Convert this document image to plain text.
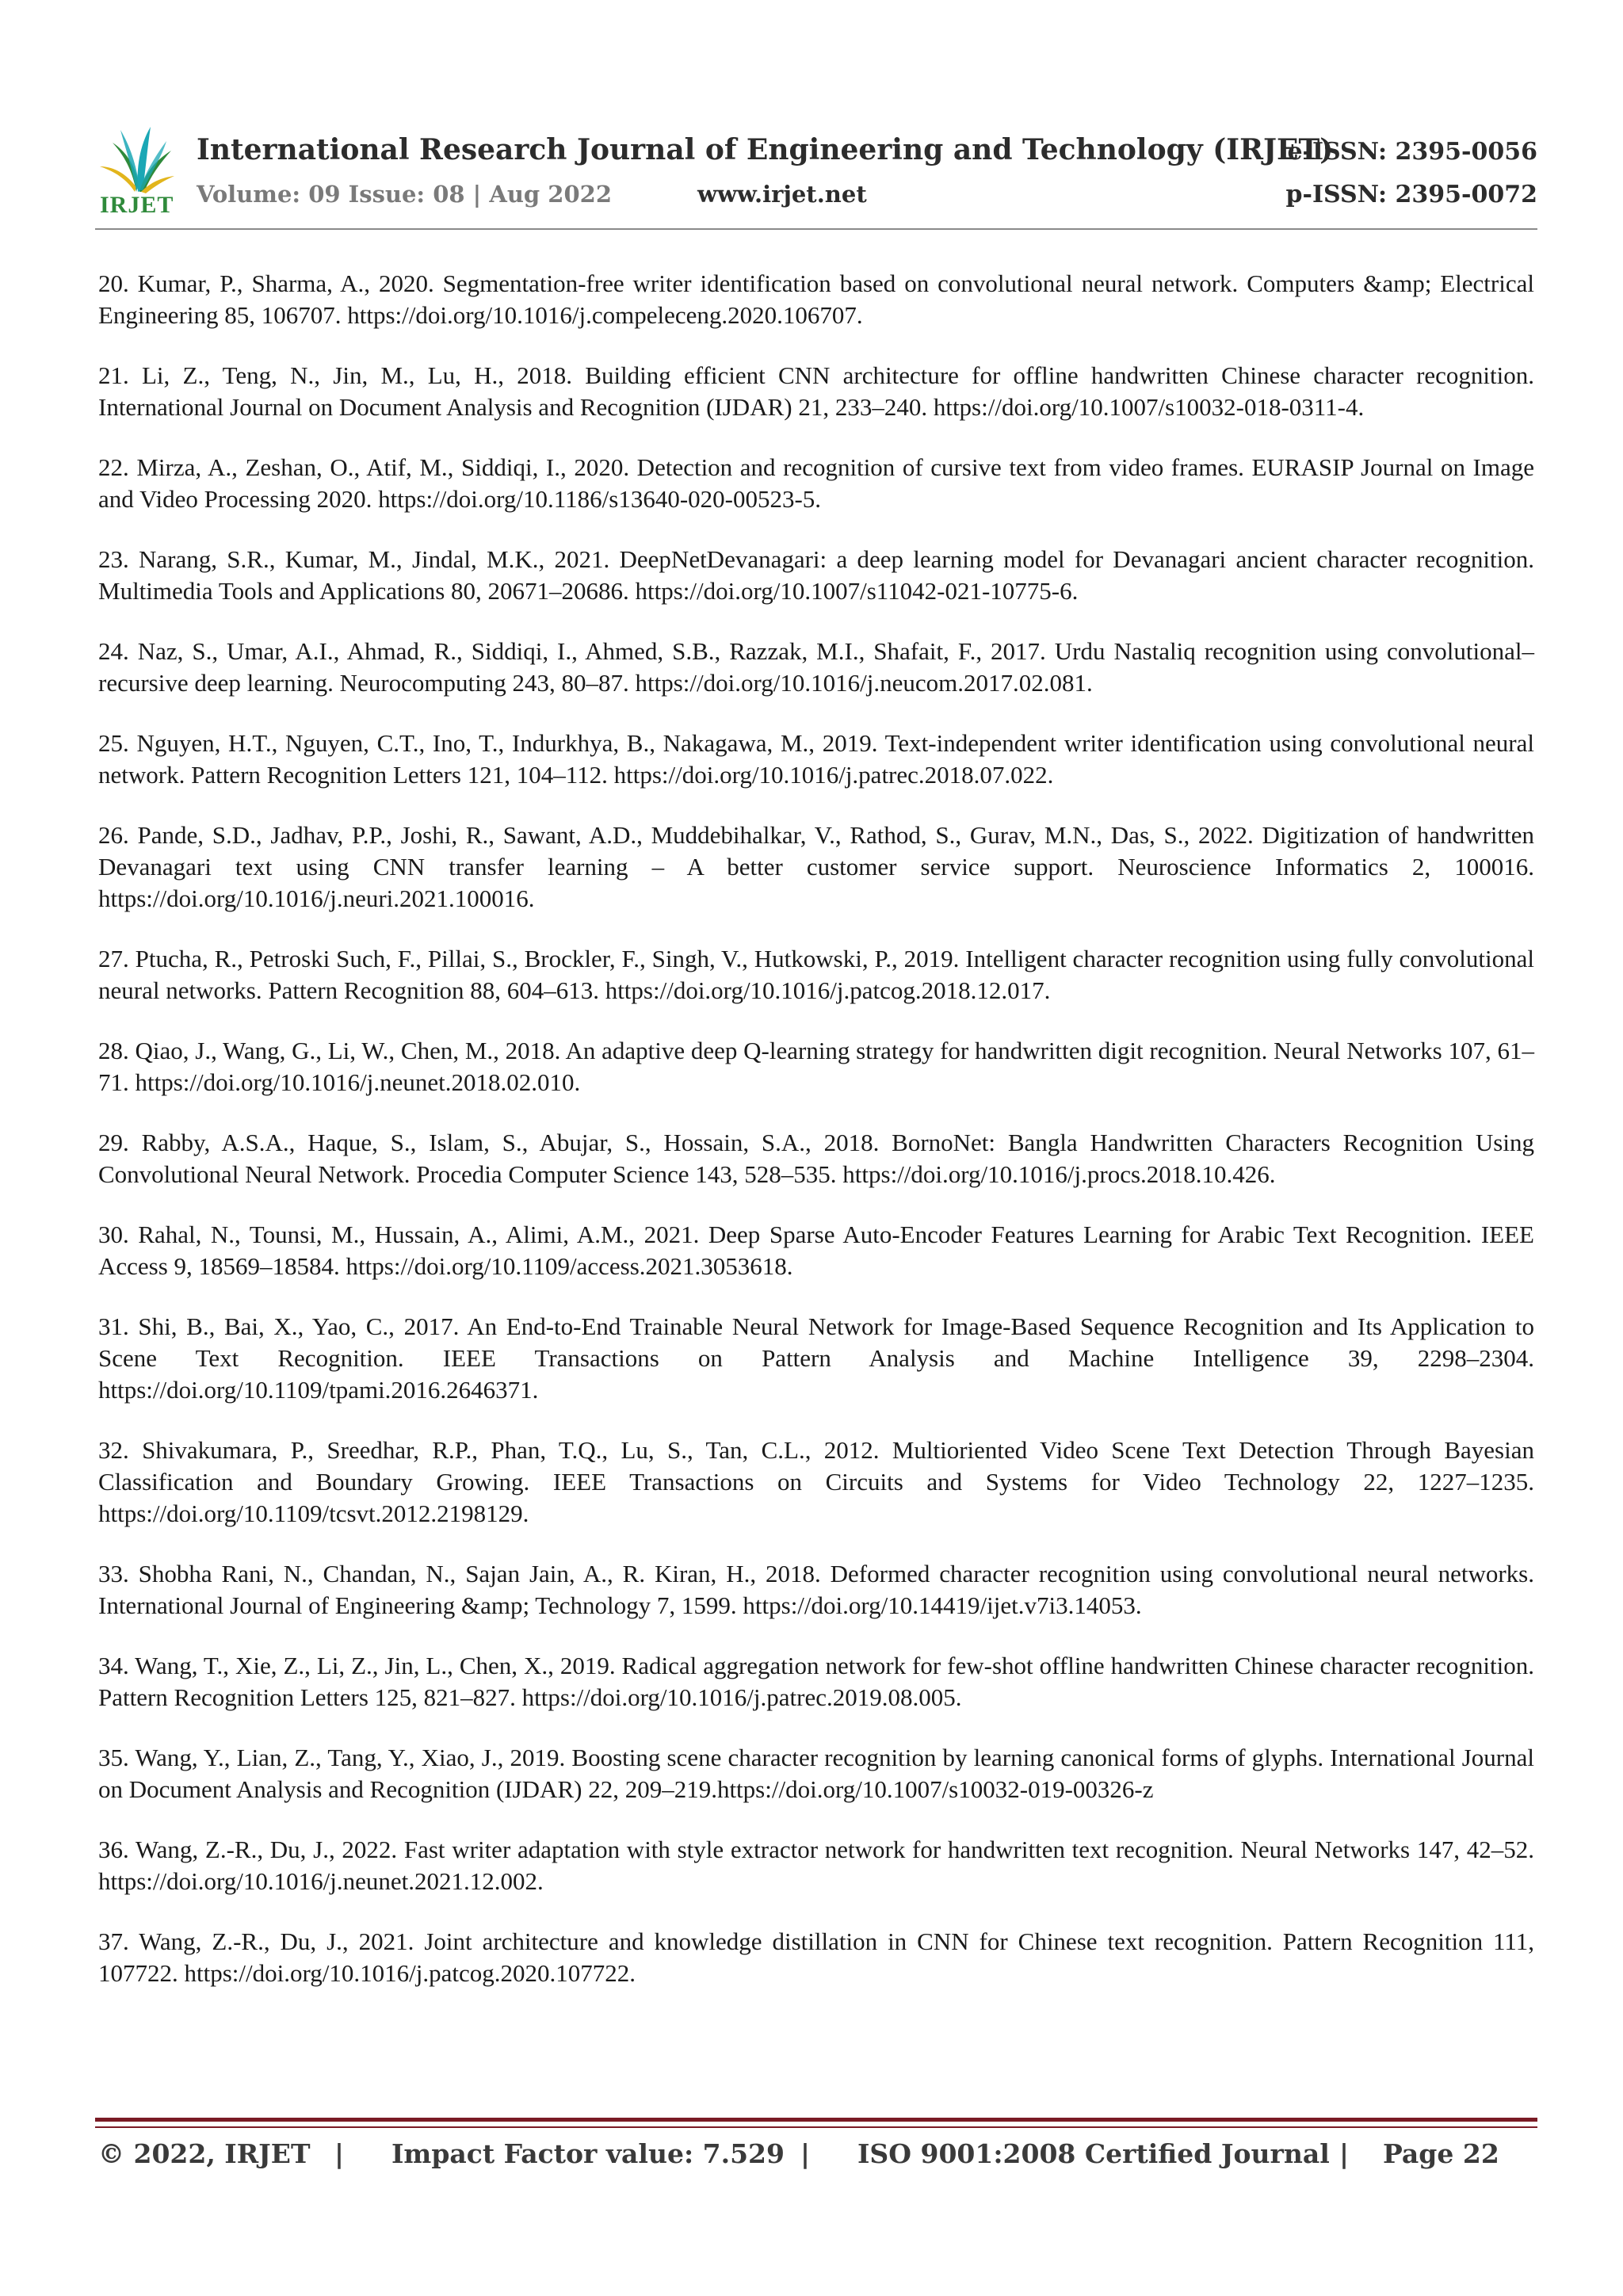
IRJET
International Research Journal of Engineering and Technology (IRJET)
e-ISSN: 2395-0056
Volume: 09 Issue: 08 | Aug 2022	www.irjet.net	p-ISSN: 2395-0072

20. Kumar, P., Sharma, A., 2020. Segmentation-free writer identification based on convolutional neural network. Computers &amp; Electrical Engineering 85, 106707. https://doi.org/10.1016/j.compeleceng.2020.106707.

21. Li, Z., Teng, N., Jin, M., Lu, H., 2018. Building efficient CNN architecture for offline handwritten Chinese character recognition. International Journal on Document Analysis and Recognition (IJDAR) 21, 233–240. https://doi.org/10.1007/s10032-018-0311-4.

22. Mirza, A., Zeshan, O., Atif, M., Siddiqi, I., 2020. Detection and recognition of cursive text from video frames. EURASIP Journal on Image and Video Processing 2020. https://doi.org/10.1186/s13640-020-00523-5.

23. Narang, S.R., Kumar, M., Jindal, M.K., 2021. DeepNetDevanagari: a deep learning model for Devanagari ancient character recognition. Multimedia Tools and Applications 80, 20671–20686. https://doi.org/10.1007/s11042-021-10775-6.

24. Naz, S., Umar, A.I., Ahmad, R., Siddiqi, I., Ahmed, S.B., Razzak, M.I., Shafait, F., 2017. Urdu Nastaliq recognition using convolutional–recursive deep learning. Neurocomputing 243, 80–87. https://doi.org/10.1016/j.neucom.2017.02.081.

25. Nguyen, H.T., Nguyen, C.T., Ino, T., Indurkhya, B., Nakagawa, M., 2019. Text-independent writer identification using convolutional neural network. Pattern Recognition Letters 121, 104–112. https://doi.org/10.1016/j.patrec.2018.07.022.

26. Pande, S.D., Jadhav, P.P., Joshi, R., Sawant, A.D., Muddebihalkar, V., Rathod, S., Gurav, M.N., Das, S., 2022. Digitization of handwritten Devanagari text using CNN transfer learning – A better customer service support. Neuroscience Informatics 2, 100016. https://doi.org/10.1016/j.neuri.2021.100016.

27. Ptucha, R., Petroski Such, F., Pillai, S., Brockler, F., Singh, V., Hutkowski, P., 2019. Intelligent character recognition using fully convolutional neural networks. Pattern Recognition 88, 604–613. https://doi.org/10.1016/j.patcog.2018.12.017.

28. Qiao, J., Wang, G., Li, W., Chen, M., 2018. An adaptive deep Q-learning strategy for handwritten digit recognition. Neural Networks 107, 61–71. https://doi.org/10.1016/j.neunet.2018.02.010.

29. Rabby, A.S.A., Haque, S., Islam, S., Abujar, S., Hossain, S.A., 2018. BornoNet: Bangla Handwritten Characters Recognition Using Convolutional Neural Network. Procedia Computer Science 143, 528–535. https://doi.org/10.1016/j.procs.2018.10.426.

30. Rahal, N., Tounsi, M., Hussain, A., Alimi, A.M., 2021. Deep Sparse Auto-Encoder Features Learning for Arabic Text Recognition. IEEE Access 9, 18569–18584. https://doi.org/10.1109/access.2021.3053618.

31. Shi, B., Bai, X., Yao, C., 2017. An End-to-End Trainable Neural Network for Image-Based Sequence Recognition and Its Application to Scene Text Recognition. IEEE Transactions on Pattern Analysis and Machine Intelligence 39, 2298–2304. https://doi.org/10.1109/tpami.2016.2646371.

32. Shivakumara, P., Sreedhar, R.P., Phan, T.Q., Lu, S., Tan, C.L., 2012. Multioriented Video Scene Text Detection Through Bayesian Classification and Boundary Growing. IEEE Transactions on Circuits and Systems for Video Technology 22, 1227–1235. https://doi.org/10.1109/tcsvt.2012.2198129.

33. Shobha Rani, N., Chandan, N., Sajan Jain, A., R. Kiran, H., 2018. Deformed character recognition using convolutional neural networks. International Journal of Engineering &amp; Technology 7, 1599. https://doi.org/10.14419/ijet.v7i3.14053.

34. Wang, T., Xie, Z., Li, Z., Jin, L., Chen, X., 2019. Radical aggregation network for few-shot offline handwritten Chinese character recognition. Pattern Recognition Letters 125, 821–827. https://doi.org/10.1016/j.patrec.2019.08.005.

35. Wang, Y., Lian, Z., Tang, Y., Xiao, J., 2019. Boosting scene character recognition by learning canonical forms of glyphs. International Journal on Document Analysis and Recognition (IJDAR) 22, 209–219.https://doi.org/10.1007/s10032-019-00326-z

36. Wang, Z.-R., Du, J., 2022. Fast writer adaptation with style extractor network for handwritten text recognition. Neural Networks 147, 42–52. https://doi.org/10.1016/j.neunet.2021.12.002.

37. Wang, Z.-R., Du, J., 2021. Joint architecture and knowledge distillation in CNN for Chinese text recognition. Pattern Recognition 111, 107722. https://doi.org/10.1016/j.patcog.2020.107722.

© 2022, IRJET | Impact Factor value: 7.529 | ISO 9001:2008 Certified Journal | Page 22
